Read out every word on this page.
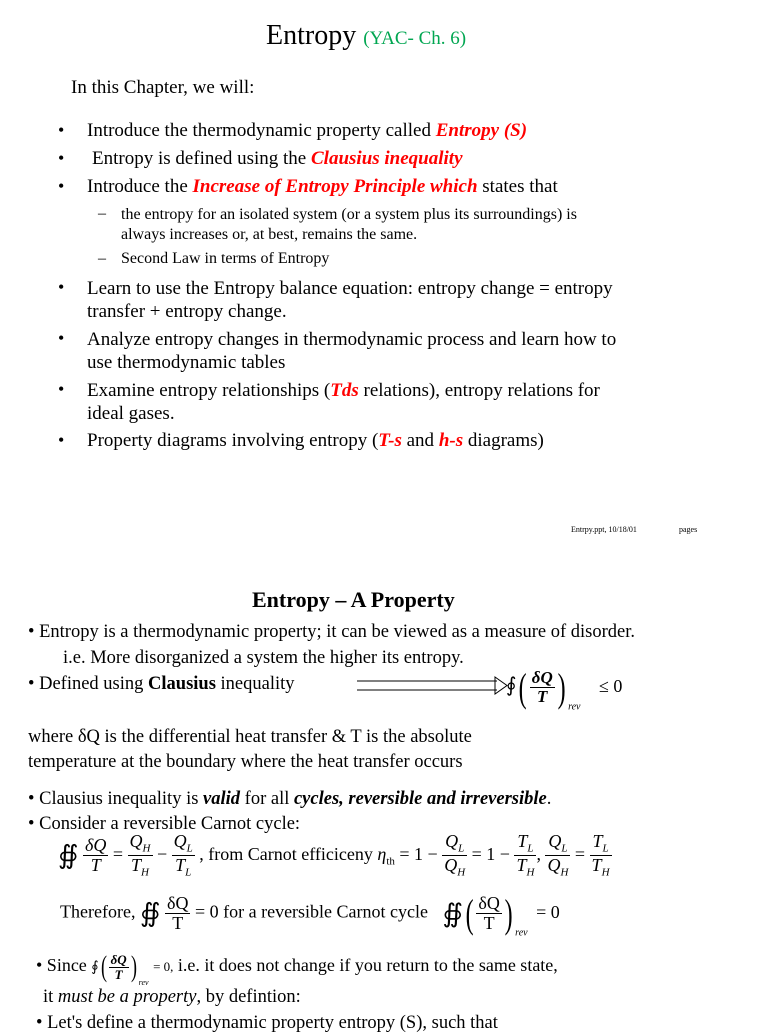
Entropy (YAC- Ch. 6)
In this Chapter, we will:
• Introduce the thermodynamic property called Entropy (S)
• Entropy is defined using the Clausius inequality
• Introduce the Increase of Entropy Principle which states that
– the entropy for an isolated system (or a system plus its surroundings) is
always increases or, at best, remains the same.
– Second Law in terms of Entropy
• Learn to use the Entropy balance equation: entropy change = entropy
transfer + entropy change.
• Analyze entropy changes in thermodynamic process and learn how to
use thermodynamic tables
• Examine entropy relationships (Tds relations), entropy relations for
ideal gases.
• Property diagrams involving entropy (T-s and h-s diagrams)
Entrpy.ppt, 10/18/01	pages
Entropy – A Property
• Entropy is a thermodynamic property; it can be viewed as a measure of disorder.
i.e. More disorganized a system the higher its entropy.
• Defined using Clausius inequality	∮( $\frac{\delta Q}{T}$ ) $_{rev}$ ≤ 0
where δQ is the differential heat transfer & T is the absolute
temperature at the boundary where the heat transfer occurs
• Clausius inequality is valid for all cycles, reversible and irreversible.
• Consider a reversible Carnot cycle:
∯ $\frac{\delta Q}{T} = \frac{Q_H}{T_H} - \frac{Q_L}{T_L}$ , from Carnot efficiceny $\eta_{th} = 1 - \frac{Q_L}{Q_H} = 1 - \frac{T_L}{T_H}$ , $\frac{Q_L}{Q_H} = \frac{T_L}{T_H}$
Therefore, ∯ $\frac{\delta Q}{T} = 0$ for a reversible Carnot cycle ∯( $\frac{\delta Q}{T}$ ) $_{rev}$ = 0
• Since ∮( $\frac{\delta Q}{T}$ ) $_{rev}$ = 0, i.e. it does not change if you return to the same state,
it must be a property, by defintion:
• Let's define a thermodynamic property entropy (S), such that
